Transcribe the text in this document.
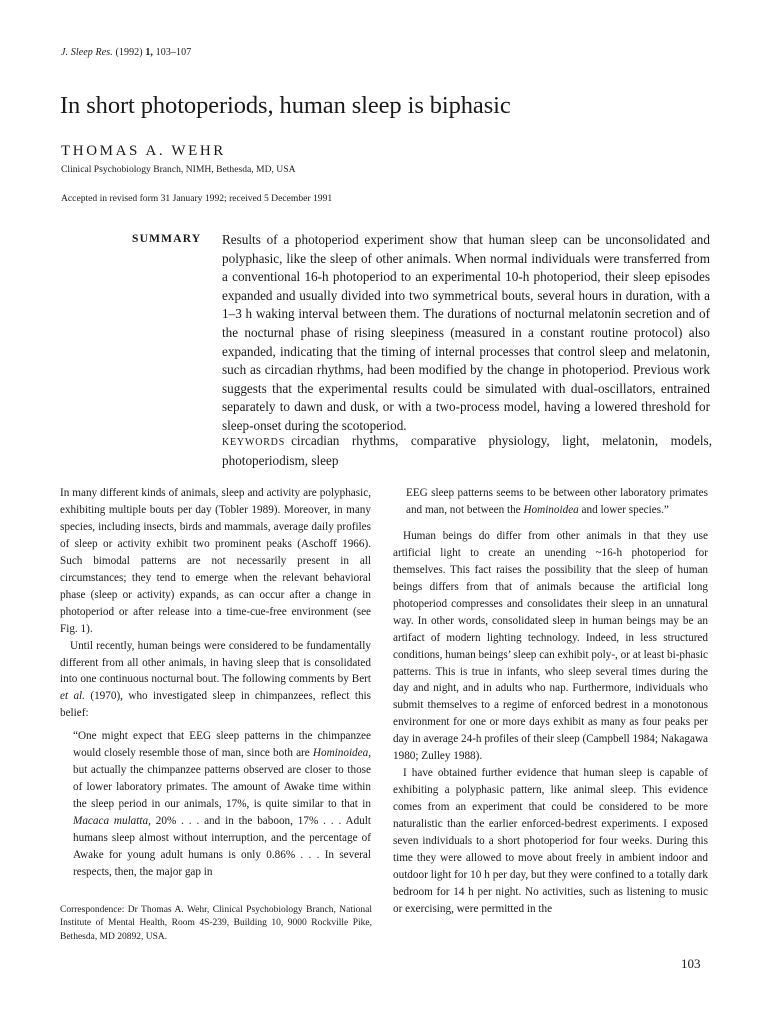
J. Sleep Res. (1992) 1, 103–107
In short photoperiods, human sleep is biphasic
THOMAS A. WEHR
Clinical Psychobiology Branch, NIMH, Bethesda, MD, USA
Accepted in revised form 31 January 1992; received 5 December 1991
SUMMARY Results of a photoperiod experiment show that human sleep can be unconsolidated and polyphasic, like the sleep of other animals. When normal individuals were transferred from a conventional 16-h photoperiod to an experimental 10-h photoperiod, their sleep episodes expanded and usually divided into two symmetrical bouts, several hours in duration, with a 1–3 h waking interval between them. The durations of nocturnal melatonin secretion and of the nocturnal phase of rising sleepiness (measured in a constant routine protocol) also expanded, indicating that the timing of internal processes that control sleep and melatonin, such as circadian rhythms, had been modified by the change in photoperiod. Previous work suggests that the experimental results could be simulated with dual-oscillators, entrained separately to dawn and dusk, or with a two-process model, having a lowered threshold for sleep-onset during the scotoperiod.
KEYWORDS circadian rhythms, comparative physiology, light, melatonin, models, photoperiodism, sleep

In many different kinds of animals, sleep and activity are polyphasic, exhibiting multiple bouts per day (Tobler 1989). Moreover, in many species, including insects, birds and mammals, average daily profiles of sleep or activity exhibit two prominent peaks (Aschoff 1966). Such bimodal patterns are not necessarily present in all circumstances; they tend to emerge when the relevant behavioral phase (sleep or activity) expands, as can occur after a change in photoperiod or after release into a time-cue-free environment (see Fig. 1).

Until recently, human beings were considered to be fundamentally different from all other animals, in having sleep that is consolidated into one continuous nocturnal bout. The following comments by Bert et al. (1970), who investigated sleep in chimpanzees, reflect this belief:

“One might expect that EEG sleep patterns in the chimpanzee would closely resemble those of man, since both are Hominoidea, but actually the chimpanzee patterns observed are closer to those of lower laboratory primates. The amount of Awake time within the sleep period in our animals, 17%, is quite similar to that in Macaca mulatta, 20% . . . and in the baboon, 17% . . . Adult humans sleep almost without interruption, and the percentage of Awake for young adult humans is only 0.86% . . . In several respects, then, the major gap in

EEG sleep patterns seems to be between other laboratory primates and man, not between the Hominoidea and lower species.”

Human beings do differ from other animals in that they use artificial light to create an unending ~16-h photoperiod for themselves. This fact raises the possibility that the sleep of human beings differs from that of animals because the artificial long photoperiod compresses and consolidates their sleep in an unnatural way. In other words, consolidated sleep in human beings may be an artifact of modern lighting technology. Indeed, in less structured conditions, human beings’ sleep can exhibit poly-, or at least bi-phasic patterns. This is true in infants, who sleep several times during the day and night, and in adults who nap. Furthermore, individuals who submit themselves to a regime of enforced bedrest in a monotonous environment for one or more days exhibit as many as four peaks per day in average 24-h profiles of their sleep (Campbell 1984; Nakagawa 1980; Zulley 1988).

I have obtained further evidence that human sleep is capable of exhibiting a polyphasic pattern, like animal sleep. This evidence comes from an experiment that could be considered to be more naturalistic than the earlier enforced-bedrest experiments. I exposed seven individuals to a short photoperiod for four weeks. During this time they were allowed to move about freely in ambient indoor and outdoor light for 10 h per day, but they were confined to a totally dark bedroom for 14 h per night. No activities, such as listening to music or exercising, were permitted in the

Correspondence: Dr Thomas A. Wehr, Clinical Psychobiology Branch, National Institute of Mental Health, Room 4S-239, Building 10, 9000 Rockville Pike, Bethesda, MD 20892, USA.
103
